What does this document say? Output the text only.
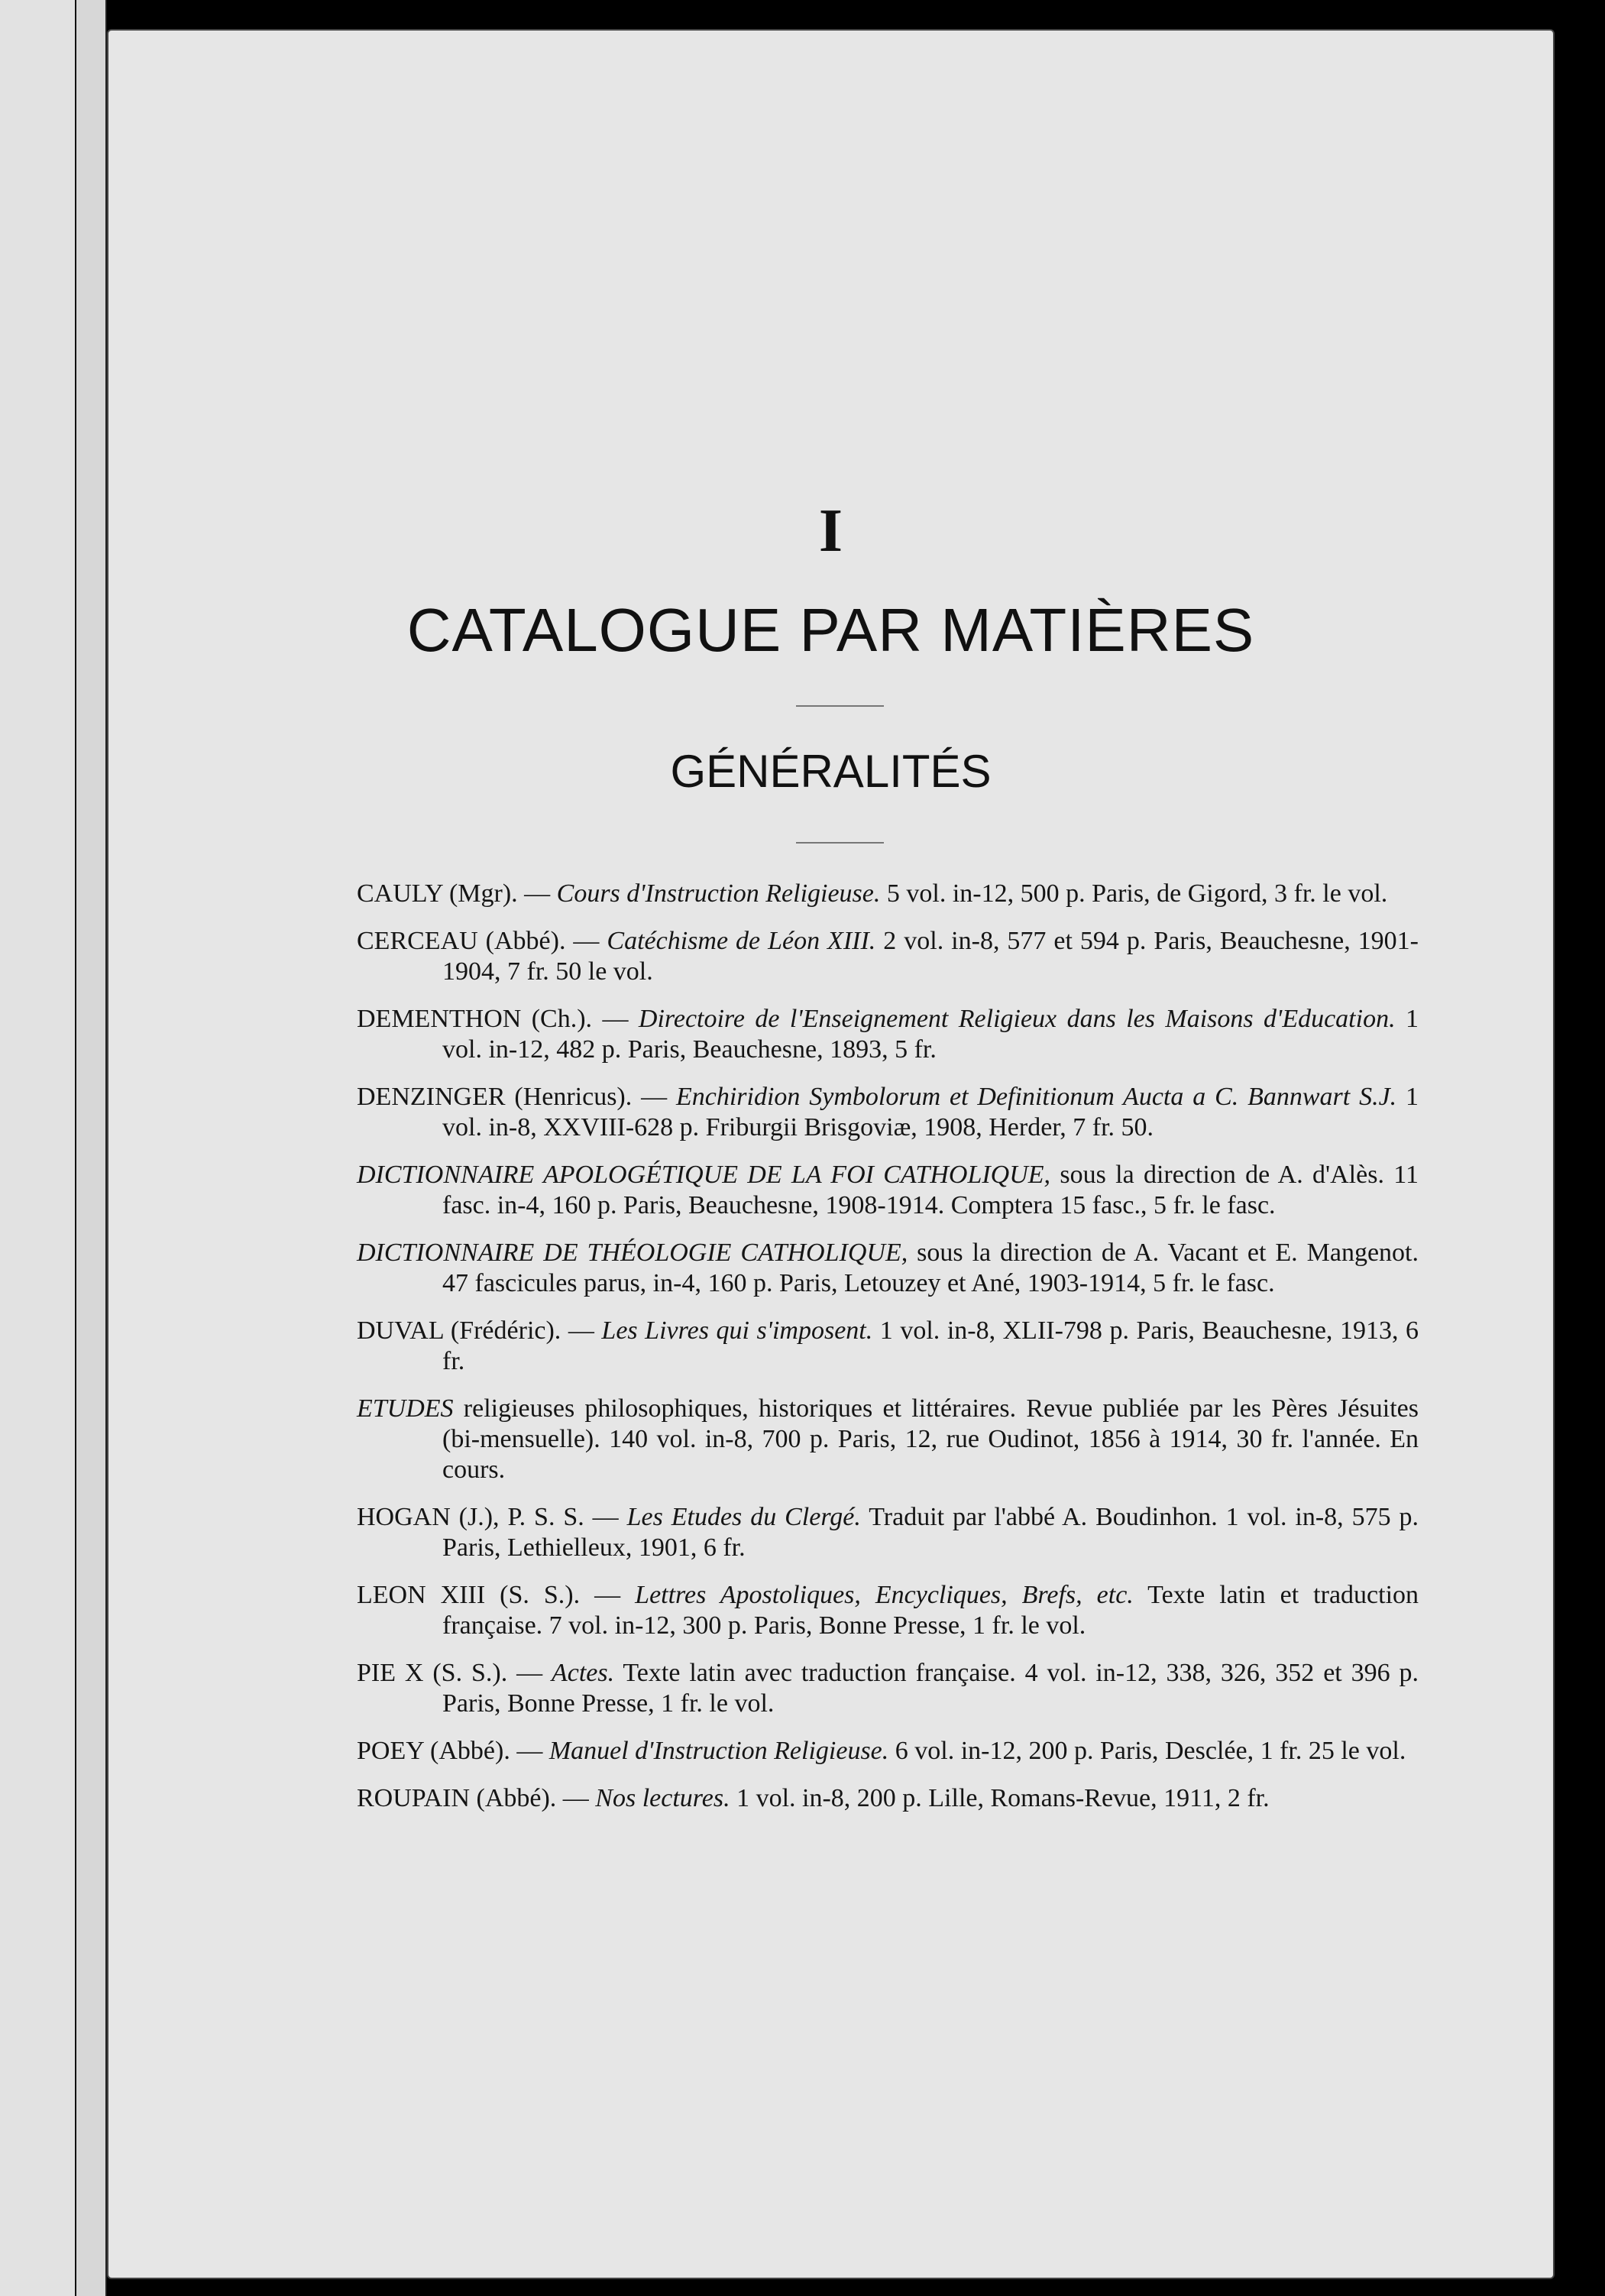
I
CATALOGUE PAR MATIÈRES
GÉNÉRALITÉS

CAULY (Mgr). — Cours d'Instruction Religieuse. 5 vol. in-12, 500 p. Paris, de Gigord, 3 fr. le vol.

CERCEAU (Abbé). — Catéchisme de Léon XIII. 2 vol. in-8, 577 et 594 p. Paris, Beauchesne, 1901-1904, 7 fr. 50 le vol.

DEMENTHON (Ch.). — Directoire de l'Enseignement Religieux dans les Maisons d'Education. 1 vol. in-12, 482 p. Paris, Beauchesne, 1893, 5 fr.

DENZINGER (Henricus). — Enchiridion Symbolorum et Definitionum Aucta a C. Bannwart S.J. 1 vol. in-8, XXVIII-628 p. Friburgii Brisgoviæ, 1908, Herder, 7 fr. 50.

DICTIONNAIRE APOLOGÉTIQUE DE LA FOI CATHOLIQUE, sous la direction de A. d'Alès. 11 fasc. in-4, 160 p. Paris, Beauchesne, 1908-1914. Comptera 15 fasc., 5 fr. le fasc.

DICTIONNAIRE DE THÉOLOGIE CATHOLIQUE, sous la direction de A. Vacant et E. Mangenot. 47 fascicules parus, in-4, 160 p. Paris, Letouzey et Ané, 1903-1914, 5 fr. le fasc.

DUVAL (Frédéric). — Les Livres qui s'imposent. 1 vol. in-8, XLII-798 p. Paris, Beauchesne, 1913, 6 fr.

ETUDES religieuses philosophiques, historiques et littéraires. Revue publiée par les Pères Jésuites (bi-mensuelle). 140 vol. in-8, 700 p. Paris, 12, rue Oudinot, 1856 à 1914, 30 fr. l'année. En cours.

HOGAN (J.), P. S. S. — Les Etudes du Clergé. Traduit par l'abbé A. Boudinhon. 1 vol. in-8, 575 p. Paris, Lethielleux, 1901, 6 fr.

LEON XIII (S. S.). — Lettres Apostoliques, Encycliques, Brefs, etc. Texte latin et traduction française. 7 vol. in-12, 300 p. Paris, Bonne Presse, 1 fr. le vol.

PIE X (S. S.). — Actes. Texte latin avec traduction française. 4 vol. in-12, 338, 326, 352 et 396 p. Paris, Bonne Presse, 1 fr. le vol.

POEY (Abbé). — Manuel d'Instruction Religieuse. 6 vol. in-12, 200 p. Paris, Desclée, 1 fr. 25 le vol.

ROUPAIN (Abbé). — Nos lectures. 1 vol. in-8, 200 p. Lille, Romans-Revue, 1911, 2 fr.
